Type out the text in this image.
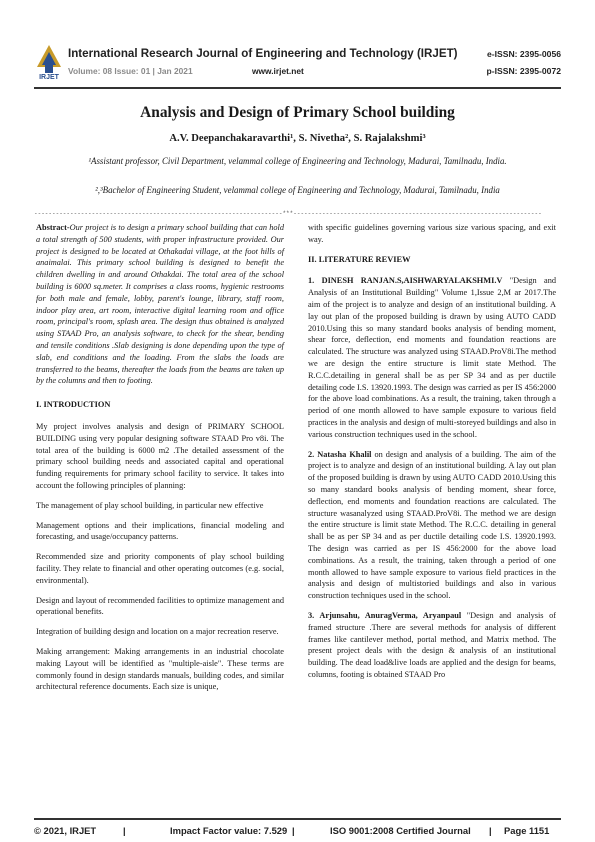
IRJET
International Research Journal of Engineering and Technology (IRJET)	e-ISSN: 2395-0056
Volume: 08 Issue: 01 | Jan 2021	www.irjet.net	p-ISSN: 2395-0072
Analysis and Design of Primary School building
A.V. Deepanchakaravarthi¹, S. Nivetha², S. Rajalakshmi³
¹Assistant professor, Civil Department, velammal college of Engineering and Technology, Madurai, Tamilnadu, India.
²,³Bachelor of Engineering Student, velammal college of Engineering and Technology, Madurai, Tamilnadu, India
---------------------------------------------------------------------***---------------------------------------------------------------------

Abstract-Our project is to design a primary school building that can hold a total strength of 500 students, with proper infrastructure provided. Our project is designed to be located at Othakadai village, at the foot hills of anaimalai. This primary school building is designed to benefit the children dwelling in and around Othakdai. The total area of the school building is 6000 sq.meter. It comprises a class rooms, hygienic restrooms for both male and female, lobby, parent's lounge, library, staff room, indoor play area, art room, interactive digital learning room and office room, principal's room, splash area. The design thus obtained is analyzed using STAAD Pro, an analysis software, to check for the shear, bending and tensile conditions .Slab designing is done depending upon the type of slab, end conditions and the loading. From the slabs the loads are transferred to the beams, thereafter the loads from the beams are taken up by the columns and then to footing.

I. INTRODUCTION

My project involves analysis and design of PRIMARY SCHOOL BUILDING using very popular designing software STAAD Pro v8i. The total area of the building is 6000 m2 .The detailed assessment of the primary school building needs and associated capital and operational funding requirements for primary school facility to service. It takes into account the following principles of planning:

The management of play school building, in particular new effective

Management options and their implications, financial modeling and forecasting, and usage/occupancy patterns.

Recommended size and priority components of play school building facility. They relate to financial and other operating outcomes (e.g. social, environmental).

Design and layout of recommended facilities to optimize management and operational benefits.

Integration of building design and location on a major recreation reserve.

Making arrangement: Making arrangements in an industrial chocolate making Layout will be identified as "multiple-aisle". These terms are commonly found in design standards manuals, building codes, and similar architectural reference documents. Each size is unique,

with specific guidelines governing various size various spacing, and exit way.

II. LITERATURE REVIEW

1. DINESH RANJAN.S,AISHWARYALAKSHMI.V "Design and Analysis of an Institutional Building" Volume 1,Issue 2,M ar 2017.The aim of the project is to analyze and design of an institutional building. A lay out plan of the proposed building is drawn by using AUTO CADD 2010.Using this so many standard books analysis of bending moment, shear force, deflection, end moments and foundation reactions are calculated. The structure was analyzed using STAAD.ProV8i.The method we are design the entire structure is limit state Method. The R.C.C.detailing in general shall be as per SP 34 and as per ductile detailing code I.S. 13920.1993. The design was carried as per IS 456:2000 for the above load combinations. As a result, the training, taken through a period of one month allowed to have sample exposure to various field practices in the analysis and design of multi-storeyed buildings and also in various construction techniques used in the school.

2. Natasha Khalil on design and analysis of a building. The aim of the project is to analyze and design of an institutional building. A lay out plan of the proposed building is drawn by using AUTO CADD 2010.Using this so many standard books analysis of bending moment, shear force, deflection, end moments and foundation reactions are calculated. The structure wasanalyzed using STAAD.ProV8i. The method we are design the entire structure is limit state Method. The R.C.C. detailing in general shall be as per SP 34 and as per ductile detailing code I.S. 13920.1993. The design was carried as per IS 456:2000 for the above load combinations. As a result, the training, taken through a period of one month allowed to have sample exposure to various field practices in the analysis and design of multistoried buildings and also in various construction techniques used in the school.

3. Arjunsahu, AnuragVerma, Aryanpaul "Design and analysis of framed structure .There are several methods for analysis of different frames like cantilever method, portal method, and Matrix method. The present project deals with the design & analysis of an institutional building. The dead load&live loads are applied and the design for beams, columns, footing is obtained STAAD Pro

© 2021, IRJET	|	Impact Factor value: 7.529 |	ISO 9001:2008 Certified Journal | Page 1151
